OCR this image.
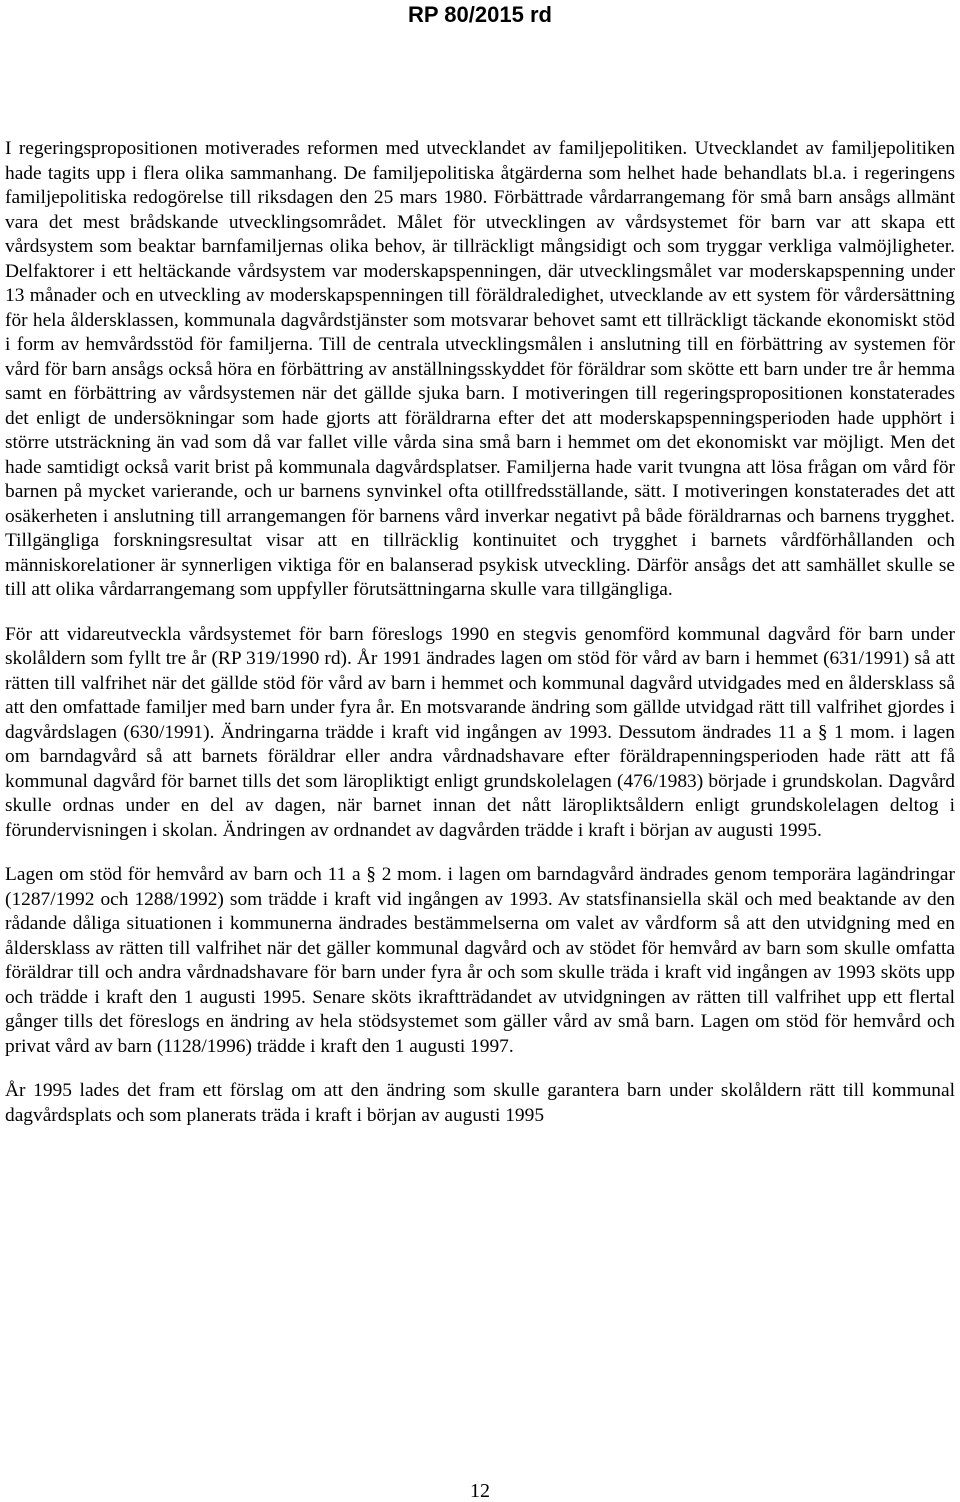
RP 80/2015 rd

I regeringspropositionen motiverades reformen med utvecklandet av familjepolitiken. Utvecklandet av familjepolitiken hade tagits upp i flera olika sammanhang. De familjepolitiska åtgärderna som helhet hade behandlats bl.a. i regeringens familjepolitiska redogörelse till riksdagen den 25 mars 1980. Förbättrade vårdarrangemang för små barn ansågs allmänt vara det mest brådskande utvecklingsområdet. Målet för utvecklingen av vårdsystemet för barn var att skapa ett vårdsystem som beaktar barnfamiljernas olika behov, är tillräckligt mångsidigt och som tryggar verkliga valmöjligheter. Delfaktorer i ett heltäckande vårdsystem var moderskapspenningen, där utvecklingsmålet var moderskapspenning under 13 månader och en utveckling av moderskapspenningen till föräldraledighet, utvecklande av ett system för vårdersättning för hela åldersklassen, kommunala dagvårdstjänster som motsvarar behovet samt ett tillräckligt täckande ekonomiskt stöd i form av hemvårdsstöd för familjerna. Till de centrala utvecklingsmålen i anslutning till en förbättring av systemen för vård för barn ansågs också höra en förbättring av anställningsskyddet för föräldrar som skötte ett barn under tre år hemma samt en förbättring av vårdsystemen när det gällde sjuka barn. I motiveringen till regeringspropositionen konstaterades det enligt de undersökningar som hade gjorts att föräldrarna efter det att moderskapspenningsperioden hade upphört i större utsträckning än vad som då var fallet ville vårda sina små barn i hemmet om det ekonomiskt var möjligt. Men det hade samtidigt också varit brist på kommunala dagvårdsplatser. Familjerna hade varit tvungna att lösa frågan om vård för barnen på mycket varierande, och ur barnens synvinkel ofta otillfredsställande, sätt. I motiveringen konstaterades det att osäkerheten i anslutning till arrangemangen för barnens vård inverkar negativt på både föräldrarnas och barnens trygghet. Tillgängliga forskningsresultat visar att en tillräcklig kontinuitet och trygghet i barnets vårdförhållanden och människorelationer är synnerligen viktiga för en balanserad psykisk utveckling. Därför ansågs det att samhället skulle se till att olika vårdarrangemang som uppfyller förutsättningarna skulle vara tillgängliga.

För att vidareutveckla vårdsystemet för barn föreslogs 1990 en stegvis genomförd kommunal dagvård för barn under skolåldern som fyllt tre år (RP 319/1990 rd). År 1991 ändrades lagen om stöd för vård av barn i hemmet (631/1991) så att rätten till valfrihet när det gällde stöd för vård av barn i hemmet och kommunal dagvård utvidgades med en åldersklass så att den omfattade familjer med barn under fyra år. En motsvarande ändring som gällde utvidgad rätt till valfrihet gjordes i dagvårdslagen (630/1991). Ändringarna trädde i kraft vid ingången av 1993. Dessutom ändrades 11 a § 1 mom. i lagen om barndagvård så att barnets föräldrar eller andra vårdnadshavare efter föräldrapenningsperioden hade rätt att få kommunal dagvård för barnet tills det som läropliktigt enligt grundskolelagen (476/1983) började i grundskolan. Dagvård skulle ordnas under en del av dagen, när barnet innan det nått läropliktsåldern enligt grundskolelagen deltog i förundervisningen i skolan. Ändringen av ordnandet av dagvården trädde i kraft i början av augusti 1995.

Lagen om stöd för hemvård av barn och 11 a § 2 mom. i lagen om barndagvård ändrades genom temporära lagändringar (1287/1992 och 1288/1992) som trädde i kraft vid ingången av 1993. Av statsfinansiella skäl och med beaktande av den rådande dåliga situationen i kommunerna ändrades bestämmelserna om valet av vårdform så att den utvidgning med en åldersklass av rätten till valfrihet när det gäller kommunal dagvård och av stödet för hemvård av barn som skulle omfatta föräldrar till och andra vårdnadshavare för barn under fyra år och som skulle träda i kraft vid ingången av 1993 sköts upp och trädde i kraft den 1 augusti 1995. Senare sköts ikraftträdandet av utvidgningen av rätten till valfrihet upp ett flertal gånger tills det föreslogs en ändring av hela stödsystemet som gäller vård av små barn. Lagen om stöd för hemvård och privat vård av barn (1128/1996) trädde i kraft den 1 augusti 1997.

År 1995 lades det fram ett förslag om att den ändring som skulle garantera barn under skolåldern rätt till kommunal dagvårdsplats och som planerats träda i kraft i början av augusti 1995

12
